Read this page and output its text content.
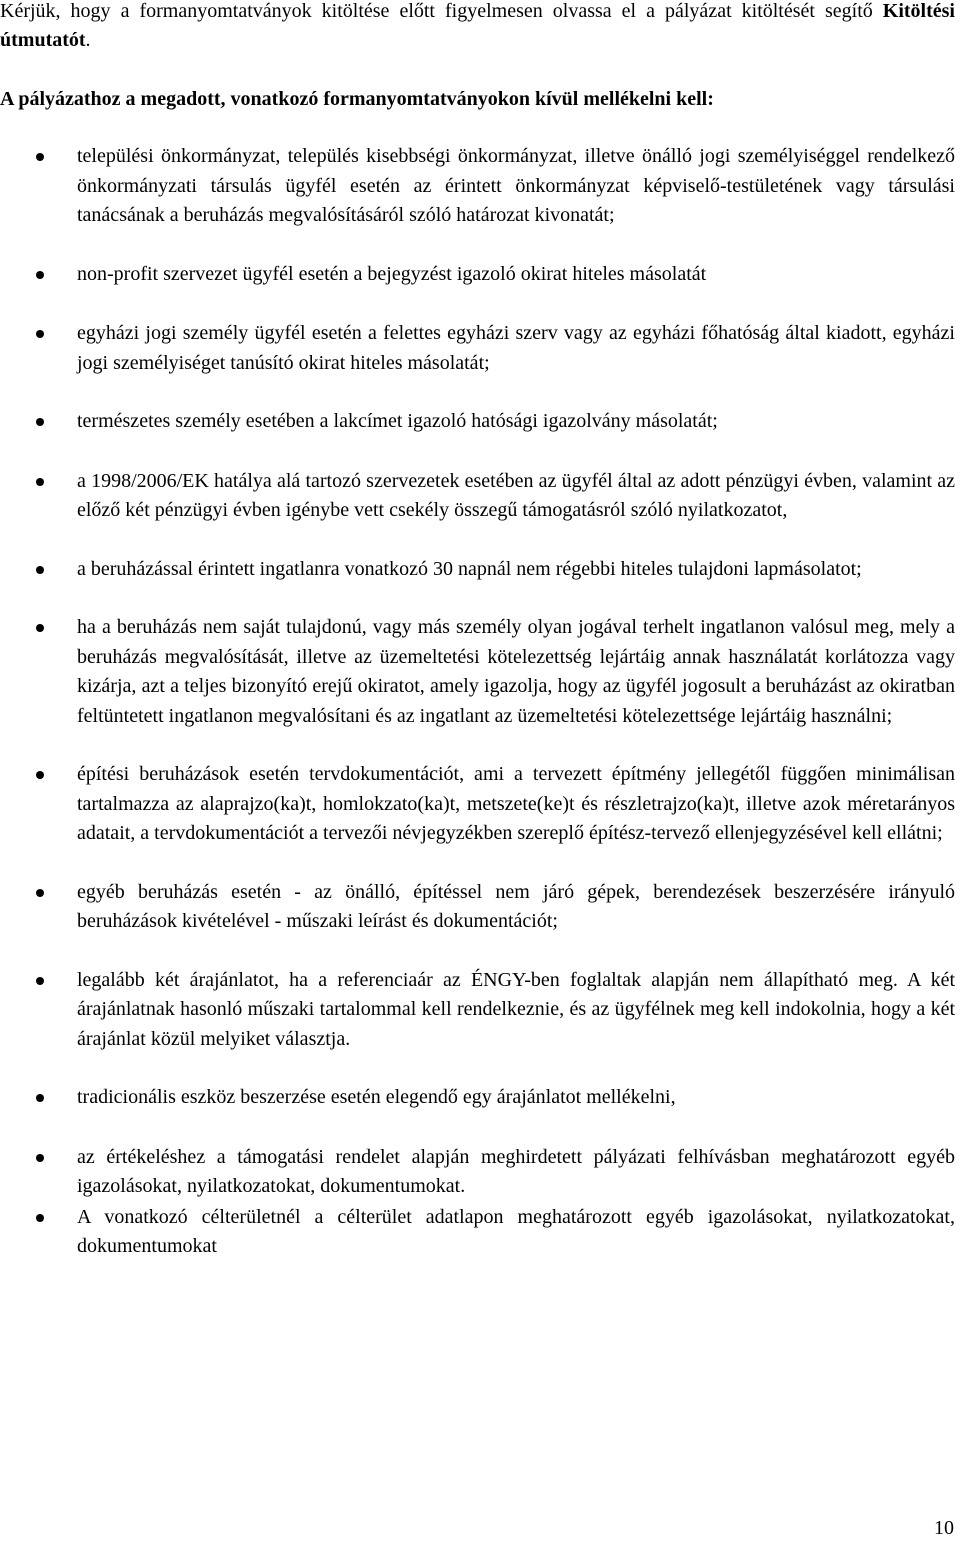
Kérjük, hogy a formanyomtatványok kitöltése előtt figyelmesen olvassa el a pályázat kitöltését segítő Kitöltési útmutatót.

A pályázathoz a megadott, vonatkozó formanyomtatványokon kívül mellékelni kell:

települési önkormányzat, település kisebbségi önkormányzat, illetve önálló jogi személyiséggel rendelkező önkormányzati társulás ügyfél esetén az érintett önkormányzat képviselő-testületének vagy társulási tanácsának a beruházás megvalósításáról szóló határozat kivonatát;
non-profit szervezet ügyfél esetén a bejegyzést igazoló okirat hiteles másolatát
egyházi jogi személy ügyfél esetén a felettes egyházi szerv vagy az egyházi főhatóság által kiadott, egyházi jogi személyiséget tanúsító okirat hiteles másolatát;
természetes személy esetében a lakcímet igazoló hatósági igazolvány másolatát;
a 1998/2006/EK hatálya alá tartozó szervezetek esetében az ügyfél által az adott pénzügyi évben, valamint az előző két pénzügyi évben igénybe vett csekély összegű támogatásról szóló nyilatkozatot,
a beruházással érintett ingatlanra vonatkozó 30 napnál nem régebbi hiteles tulajdoni lapmásolatot;
ha a beruházás nem saját tulajdonú, vagy más személy olyan jogával terhelt ingatlanon valósul meg, mely a beruházás megvalósítását, illetve az üzemeltetési kötelezettség lejártáig annak használatát korlátozza vagy kizárja, azt a teljes bizonyító erejű okiratot, amely igazolja, hogy az ügyfél jogosult a beruházást az okiratban feltüntetett ingatlanon megvalósítani és az ingatlant az üzemeltetési kötelezettsége lejártáig használni;
építési beruházások esetén tervdokumentációt, ami a tervezett építmény jellegétől függően minimálisan tartalmazza az alaprajzo(ka)t, homlokzato(ka)t, metszete(ke)t és részletrajzo(ka)t, illetve azok méretarányos adatait, a tervdokumentációt a tervezői névjegyzékben szereplő építész-tervező ellenjegyzésével kell ellátni;
egyéb beruházás esetén - az önálló, építéssel nem járó gépek, berendezések beszerzésére irányuló beruházások kivételével - műszaki leírást és dokumentációt;
legalább két árajánlatot, ha a referenciaár az ÉNGY-ben foglaltak alapján nem állapítható meg. A két árajánlatnak hasonló műszaki tartalommal kell rendelkeznie, és az ügyfélnek meg kell indokolnia, hogy a két árajánlat közül melyiket választja.
tradicionális eszköz beszerzése esetén elegendő egy árajánlatot mellékelni,
az értékeléshez a támogatási rendelet alapján meghirdetett pályázati felhívásban meghatározott egyéb igazolásokat, nyilatkozatokat, dokumentumokat.
A vonatkozó célterületnél a célterület adatlapon meghatározott egyéb igazolásokat, nyilatkozatokat, dokumentumokat
10
